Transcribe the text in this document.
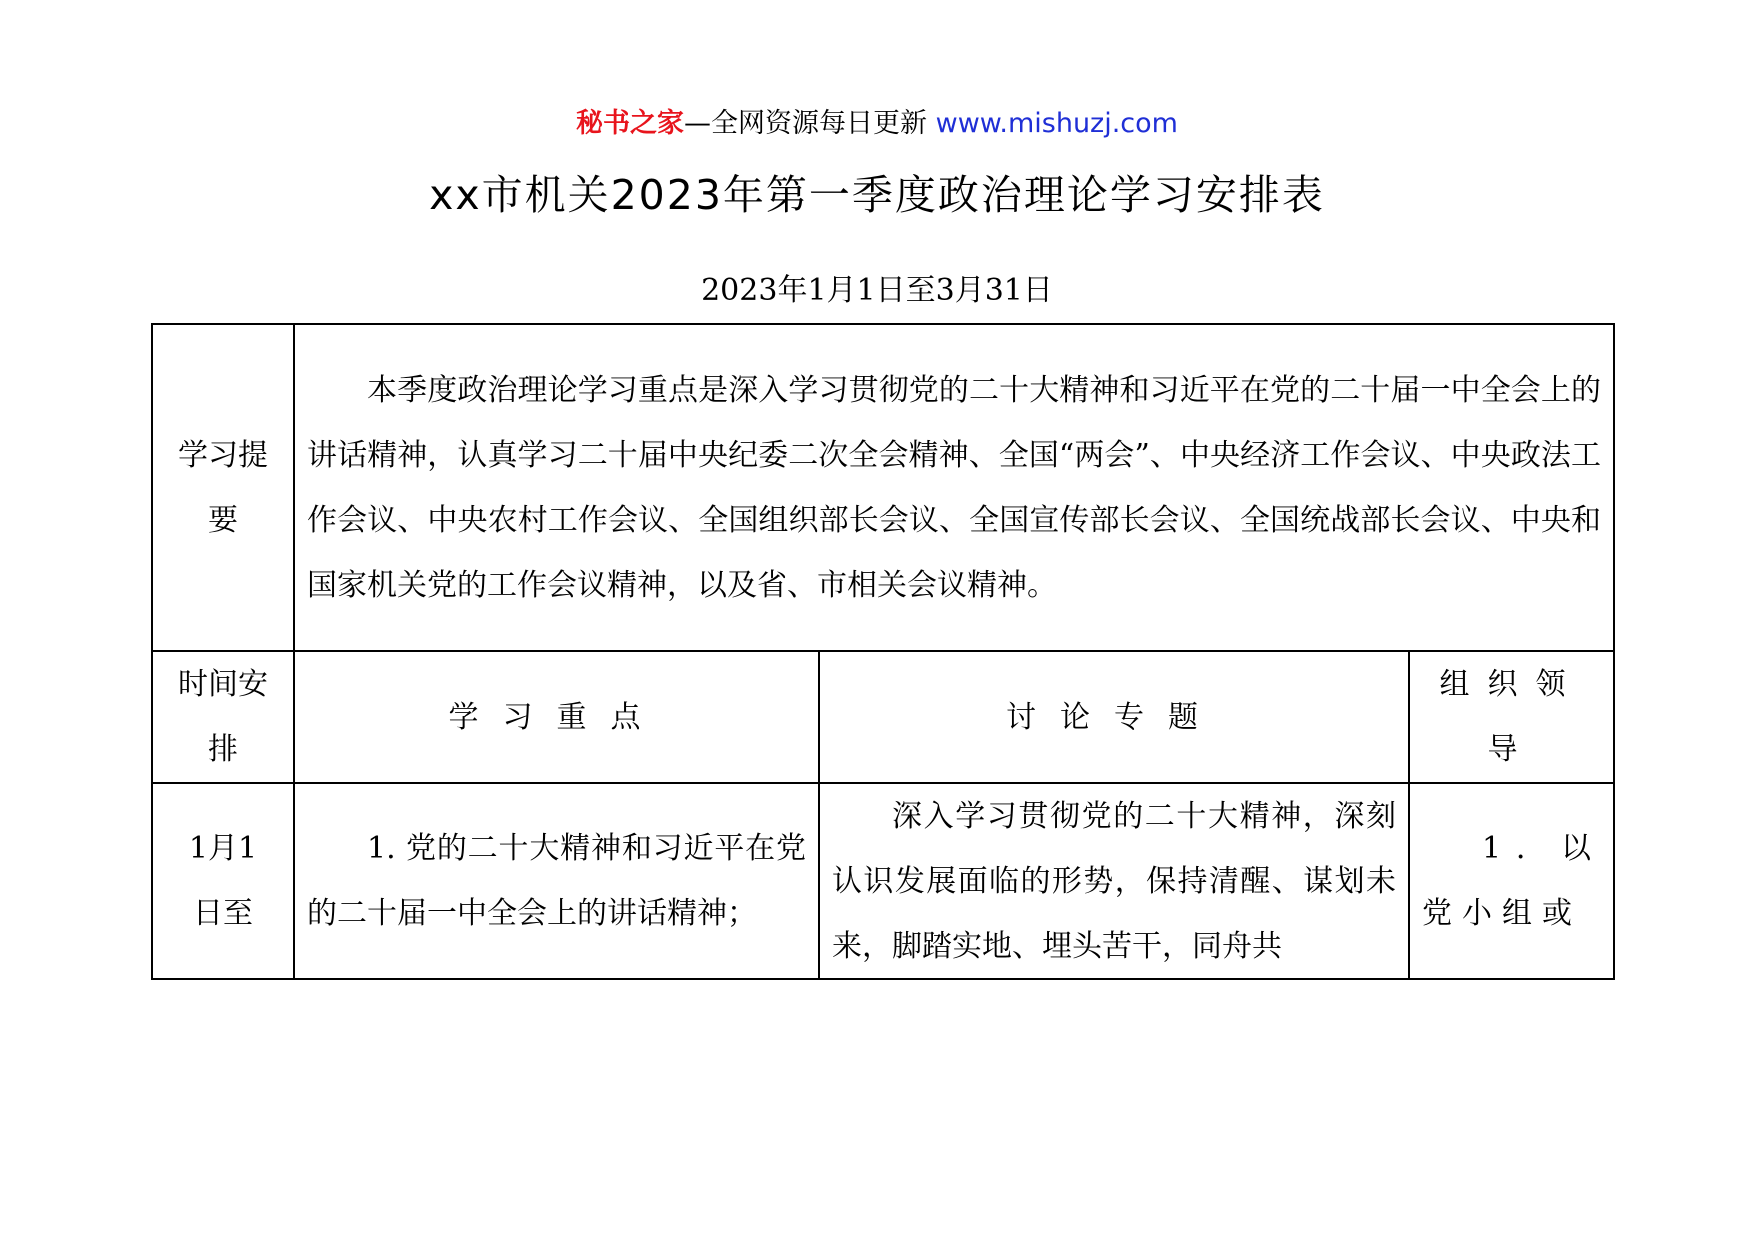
秘书之家—全网资源每日更新 www.mishuzj.com
xx市机关2023年第一季度政治理论学习安排表
2023年1月1日至3月31日
学习提要	本季度政治理论学习重点是深入学习贯彻党的二十大精神和习近平在党的二十届一中全会上的讲话精神，认真学习二十届中央纪委二次全会精神、全国“两会”、中央经济工作会议、中央政法工作会议、中央农村工作会议、全国组织部长会议、全国宣传部长会议、全国统战部长会议、中央和国家机关党的工作会议精神，以及省、市相关会议精神。		

时间安排	学习重点	讨论专题	组织领导

1月1日至	1. 党的二十大精神和习近平在党的二十届一中全会上的讲话精神；	深入学习贯彻党的二十大精神，深刻认识发展面临的形势，保持清醒、谋划未来，脚踏实地、埋头苦干，同舟共	1．以党小组或
